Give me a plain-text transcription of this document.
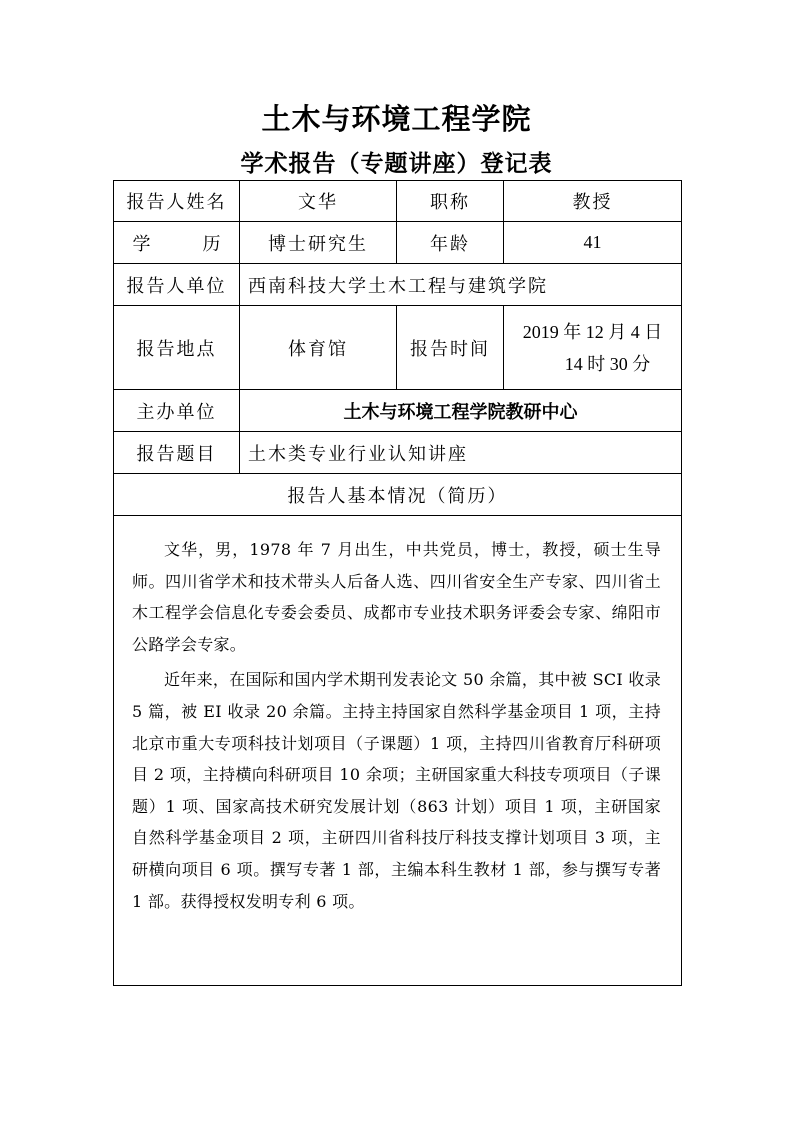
土木与环境工程学院
学术报告（专题讲座）登记表
报告人姓名	文华	职称	教授
学 历	博士研究生	年龄	41
报告人单位	西南科技大学土木工程与建筑学院		
报告地点	体育馆	报告时间	2019 年 12 月 4 日
14 时 30 分

主办单位	土木与环境工程学院教研中心		
报告题目	土木类专业行业认知讲座		
报告人基本情况（简历）			

文华，男，1978 年 7 月出生，中共党员，博士，教授，硕士生导师。四川省学术和技术带头人后备人选、四川省安全生产专家、四川省土木工程学会信息化专委会委员、成都市专业技术职务评委会专家、绵阳市公路学会专家。

近年来，在国际和国内学术期刊发表论文 50 余篇，其中被 SCI 收录 5 篇，被 EI 收录 20 余篇。主持主持国家自然科学基金项目 1 项，主持北京市重大专项科技计划项目（子课题）1 项，主持四川省教育厅科研项目 2 项，主持横向科研项目 10 余项；主研国家重大科技专项项目（子课题）1 项、国家高技术研究发展计划（863 计划）项目 1 项，主研国家自然科学基金项目 2 项，主研四川省科技厅科技支撑计划项目 3 项，主研横向项目 6 项。撰写专著 1 部，主编本科生教材 1 部，参与撰写专著 1 部。获得授权发明专利 6 项。			
